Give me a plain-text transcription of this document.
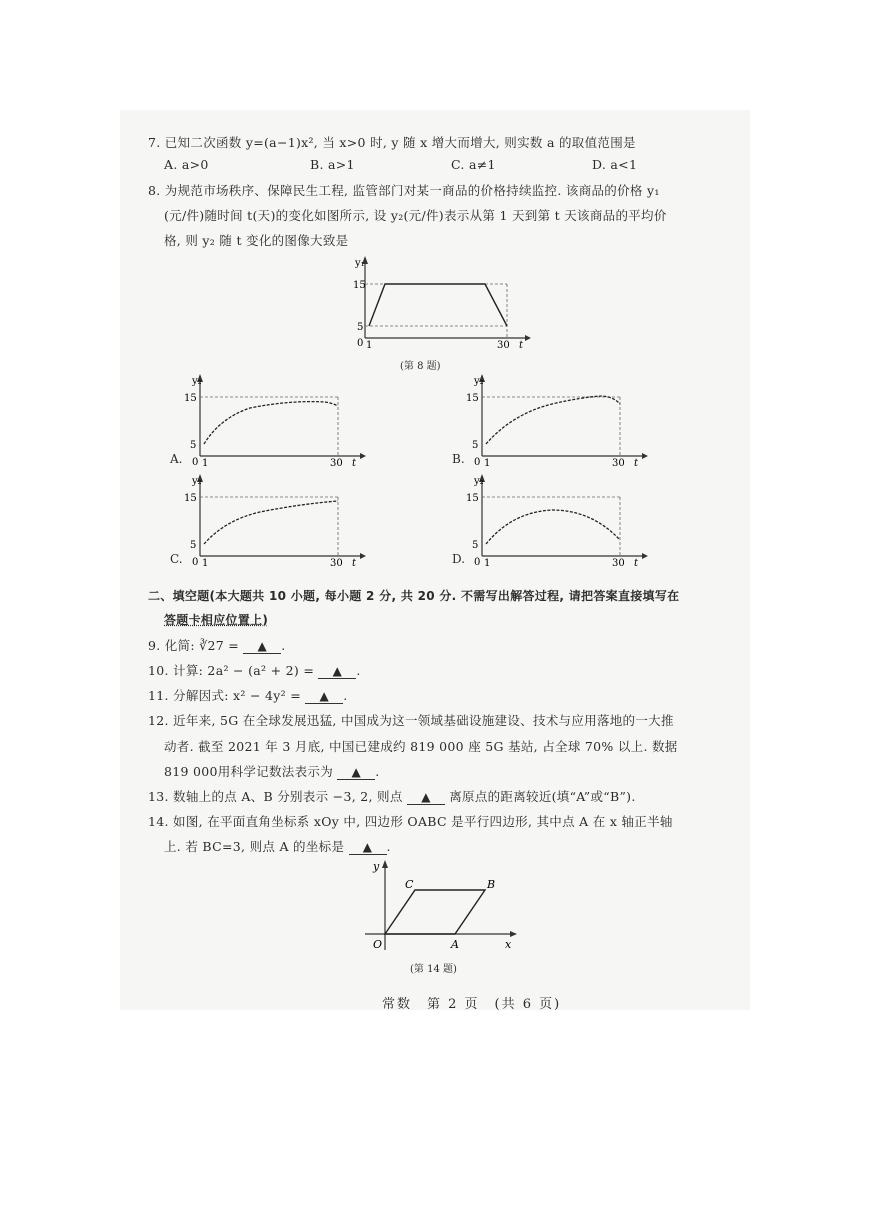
7. 已知二次函数 y=(a−1)x², 当 x>0 时, y 随 x 增大而增大, 则实数 a 的取值范围是
A. a>0	B. a>1	C. a≠1	D. a<1
8. 为规范市场秩序、保障民生工程, 监管部门对某一商品的价格持续监控. 该商品的价格 y₁
(元/件)随时间 t(天)的变化如图所示, 设 y₂(元/件)表示从第 1 天到第 t 天该商品的平均价
格, 则 y₂ 随 t 变化的图像大致是
y₁
15
5
0 1	30 t
(第 8 题)
A.
y₂
15
5
0 1	30 t	B.
y₂
15
5
0 1	30 t
C.
y₂
15
5
0 1	30 t	D.
y₂
15
5
0 1	30 t
二、填空题(本大题共 10 小题, 每小题 2 分, 共 20 分. 不需写出解答过程, 请把答案直接填写在
答题卡相应位置上)
9. 化简: ∛27 = ▲ .
10. 计算: 2a² − (a² + 2) = ▲ .
11. 分解因式: x² − 4y² = ▲ .
12. 近年来, 5G 在全球发展迅猛, 中国成为这一领域基础设施建设、技术与应用落地的一大推
动者. 截至 2021 年 3 月底, 中国已建成约 819 000 座 5G 基站, 占全球 70% 以上. 数据
819 000用科学记数法表示为 ▲ .
13. 数轴上的点 A、B 分别表示 −3, 2, 则点 ▲ 离原点的距离较近(填“A”或“B”).
14. 如图, 在平面直角坐标系 xOy 中, 四边形 OABC 是平行四边形, 其中点 A 在 x 轴正半轴
上. 若 BC=3, 则点 A 的坐标是 ▲ .
y
x
O	A
B
C
(第 14 题)
常数　第 2 页　(共 6 页)
